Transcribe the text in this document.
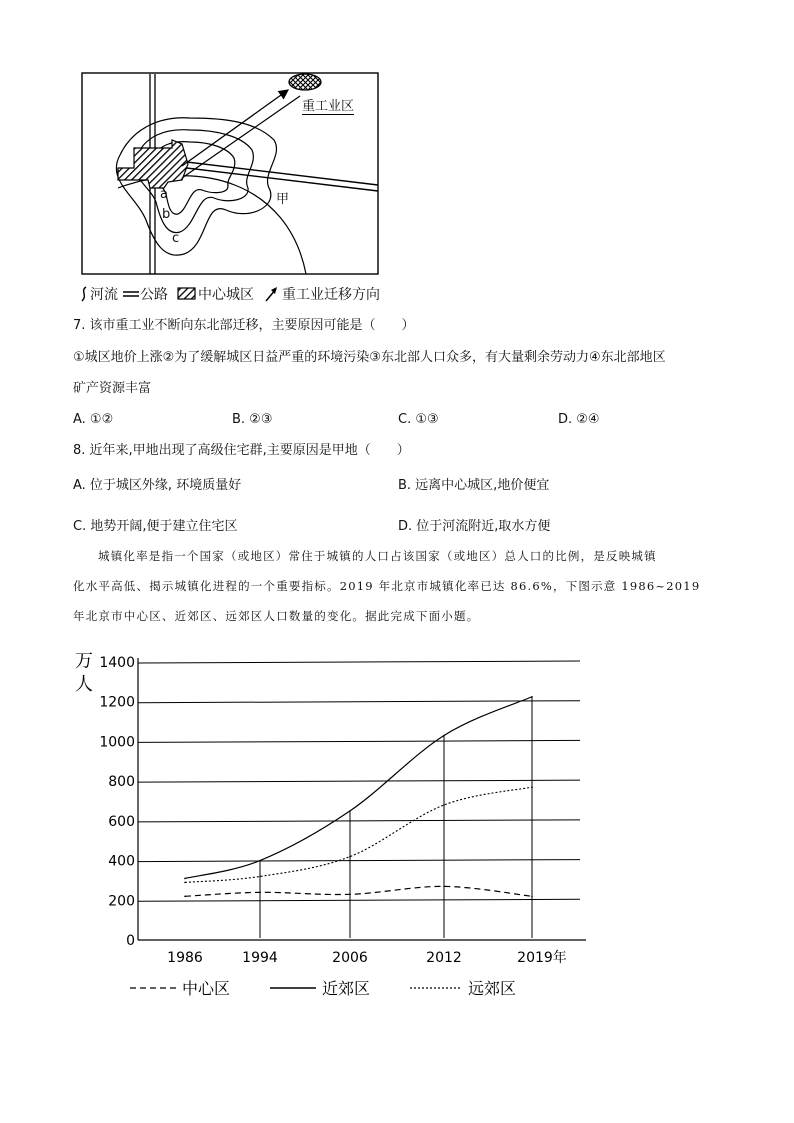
重工业区
甲
a
b
c
河流 公路 中心城区 重工业迁移方向
7. 该市重工业不断向东北部迁移，主要原因可能是（　　）
①城区地价上涨②为了缓解城区日益严重的环境污染③东北部人口众多，有大量剩余劳动力④东北部地区
矿产资源丰富
A. ①②	B. ②③	C. ①③	D. ②④
8. 近年来,甲地出现了高级住宅群,主要原因是甲地（　　）
A. 位于城区外缘, 环境质量好	B. 远离中心城区,地价便宜
C. 地势开阔,便于建立住宅区	D. 位于河流附近,取水方便
城镇化率是指一个国家（或地区）常住于城镇的人口占该国家（或地区）总人口的比例，是反映城镇
化水平高低、揭示城镇化进程的一个重要指标。2019 年北京市城镇化率已达 86.6%，下图示意 1986~2019
年北京市中心区、近郊区、远郊区人口数量的变化。据此完成下面小题。
0
200
400
600
800
1000
1200
1400
万
人
1986	1994	2006	2012	2019年
中心区	近郊区	远郊区
